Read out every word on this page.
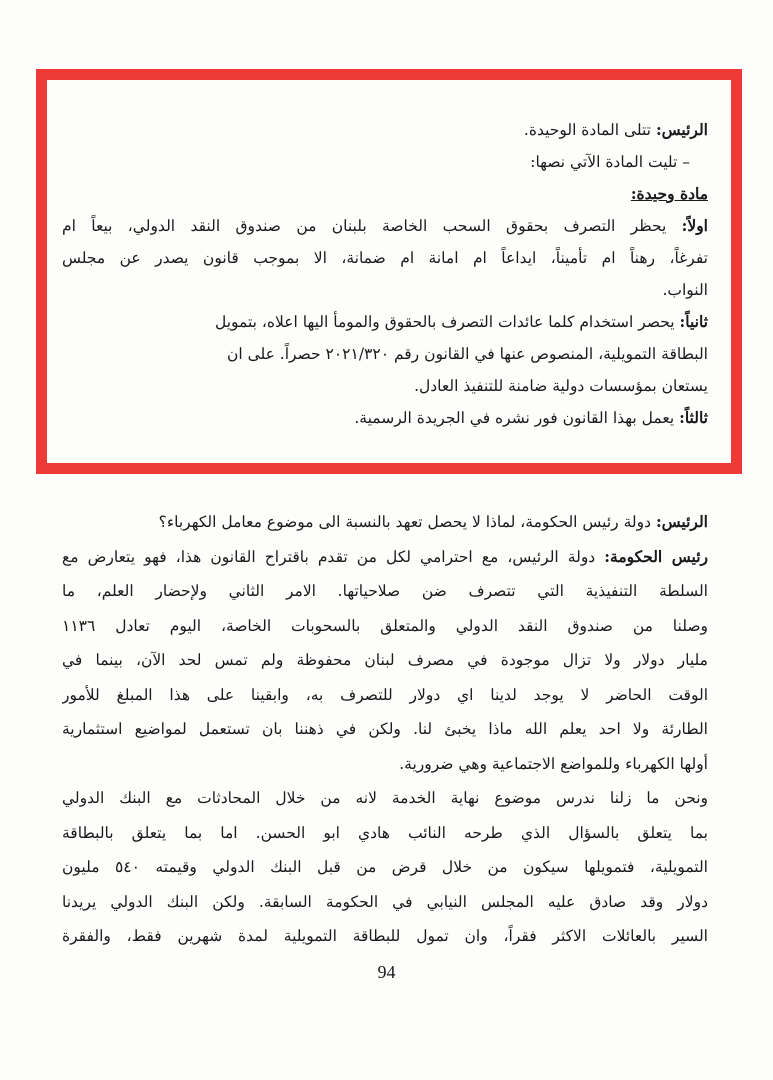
الرئيس: تتلى المادة الوحيدة.
– تليت المادة الآتي نصها:
مادة وحيدة:
اولاً: يحظر التصرف بحقوق السحب الخاصة بلبنان من صندوق النقد الدولي، بيعاً ام
تفرغاً، رهناً ام تأميناً، ايداعاً ام امانة ام ضمانة، الا بموجب قانون يصدر عن مجلس
النواب.
ثانياً: يحصر استخدام كلما عائدات التصرف بالحقوق والمومأ اليها اعلاه، بتمويل
البطاقة التمويلية، المنصوص عنها في القانون رقم ٢٠٢١/٣٢٠ حصراً. على ان
يستعان بمؤسسات دولية ضامنة للتنفيذ العادل.
ثالثاً: يعمل بهذا القانون فور نشره في الجريدة الرسمية.
الرئيس: دولة رئيس الحكومة، لماذا لا يحصل تعهد بالنسبة الى موضوع معامل الكهرباء؟
رئيس الحكومة: دولة الرئيس، مع احترامي لكل من تقدم باقتراح القانون هذا، فهو يتعارض مع
السلطة التنفيذية التي تتصرف ضن صلاحياتها. الامر الثاني ولإحضار العلم، ما
وصلنا من صندوق النقد الدولي والمتعلق بالسحوبات الخاصة، اليوم تعادل ١١٣٦
مليار دولار ولا تزال موجودة في مصرف لبنان محفوظة ولم تمس لحد الآن، بينما في
الوقت الحاضر لا يوجد لدينا اي دولار للتصرف به، وابقينا على هذا المبلغ للأمور
الطارئة ولا احد يعلم الله ماذا يخبئ لنا. ولكن في ذهننا بان تستعمل لمواضيع استثمارية
أولها الكهرباء وللمواضع الاجتماعية وهي ضرورية.
ونحن ما زلنا ندرس موضوع نهاية الخدمة لانه من خلال المحادثات مع البنك الدولي
بما يتعلق بالسؤال الذي طرحه النائب هادي ابو الحسن. اما بما يتعلق بالبطاقة
التمويلية، فتمويلها سيكون من خلال قرض من قبل البنك الدولي وقيمته ٥٤٠ مليون
دولار وقد صادق عليه المجلس النيابي في الحكومة السابقة. ولكن البنك الدولي يريدنا
السير بالعائلات الاكثر فقراً، وان تمول للبطاقة التمويلية لمدة شهرين فقط، والفقرة
94
